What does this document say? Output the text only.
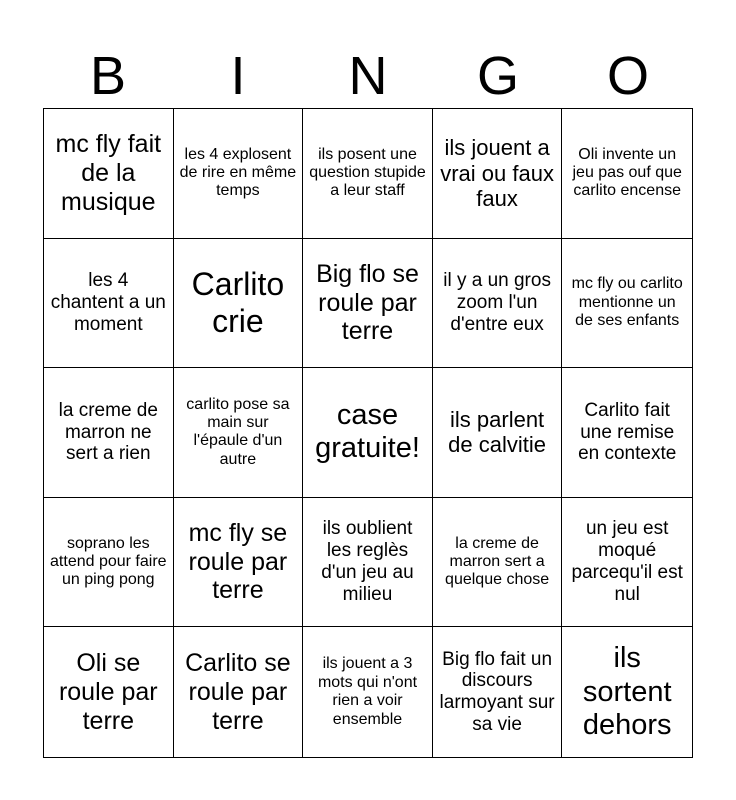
B	I	N	G	O
mc fly fait de la musique
les 4 explosent de rire en même temps
ils posent une question stupide a leur staff
ils jouent a vrai ou faux faux
Oli invente un jeu pas ouf que carlito encense
les 4 chantent a un moment
Carlito crie
Big flo se roule par terre
il y a un gros zoom l'un d'entre eux
mc fly ou carlito mentionne un de ses enfants
la creme de marron ne sert a rien
carlito pose sa main sur l'épaule d'un autre
case gratuite!
ils parlent de calvitie
Carlito fait une remise en contexte
soprano les attend pour faire un ping pong
mc fly se roule par terre
ils oublient les reglès d'un jeu au milieu
la creme de marron sert a quelque chose
un jeu est moqué parcequ'il est nul
Oli se roule par terre
Carlito se roule par terre
ils jouent a 3 mots qui n'ont rien a voir ensemble
Big flo fait un discours larmoyant sur sa vie
ils sortent dehors
